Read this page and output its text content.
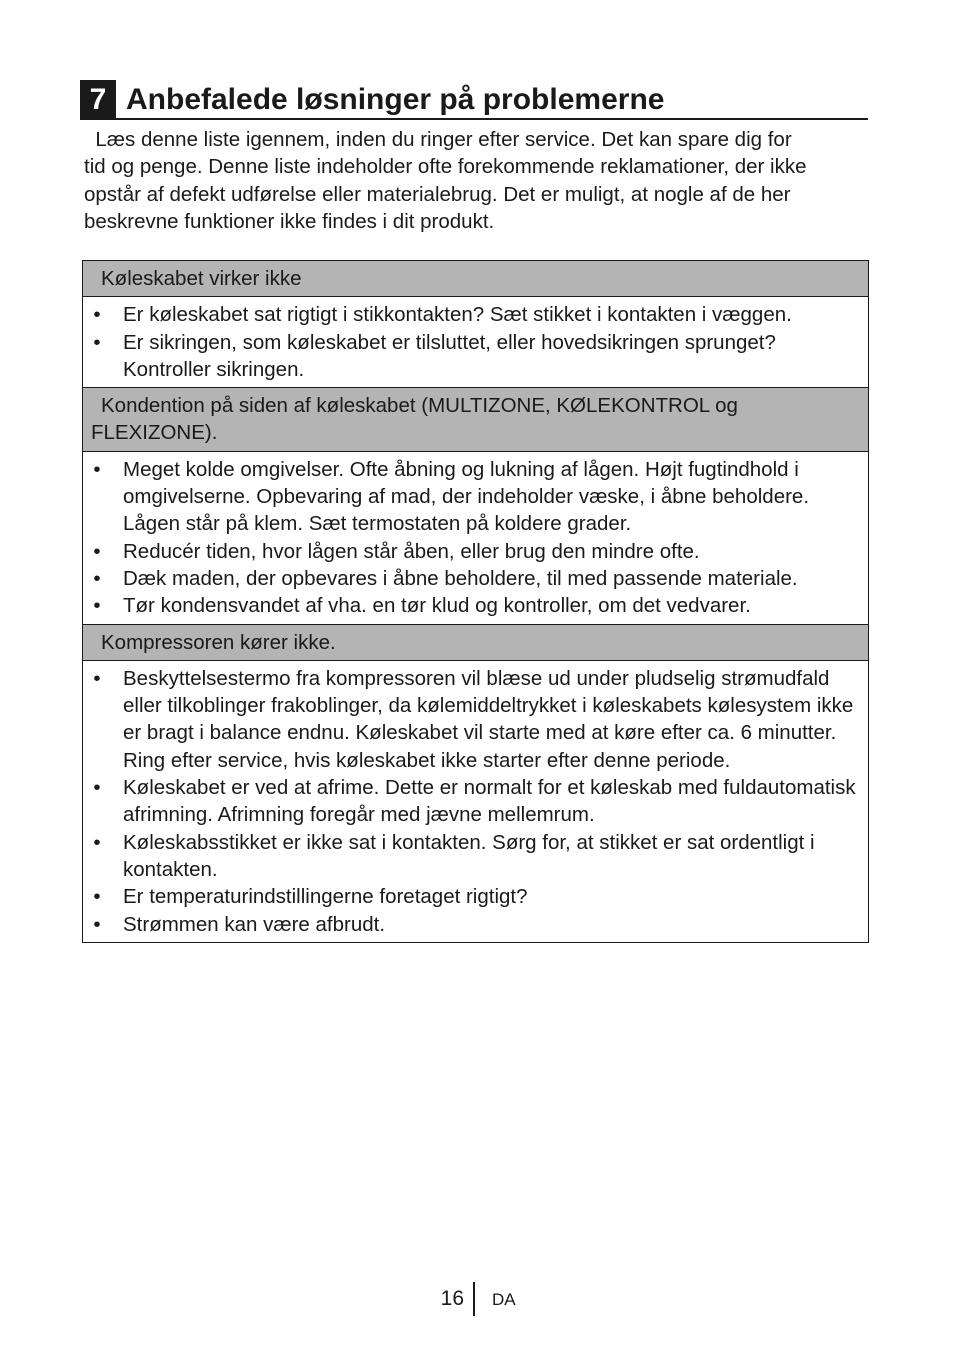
7 Anbefalede løsninger på problemerne

Læs denne liste igennem, inden du ringer efter service. Det kan spare dig for

tid og penge. Denne liste indeholder ofte forekommende reklamationer, der ikke

opstår af defekt udførelse eller materialebrug. Det er muligt, at nogle af de her

beskrevne funktioner ikke findes i dit produkt.

Køleskabet virker ikke
• Er køleskabet sat rigtigt i stikkontakten? Sæt stikket i kontakten i væggen.
• Er sikringen, som køleskabet er tilsluttet, eller hovedsikringen sprunget? Kontroller sikringen.
Kondention på siden af køleskabet (MULTIZONE, KØLEKONTROL og FLEXIZONE).
• Meget kolde omgivelser. Ofte åbning og lukning af lågen. Højt fugtindhold i omgivelserne. Opbevaring af mad, der indeholder væske, i åbne beholdere. Lågen står på klem. Sæt termostaten på koldere grader.
• Reducér tiden, hvor lågen står åben, eller brug den mindre ofte.
• Dæk maden, der opbevares i åbne beholdere, til med passende materiale.
• Tør kondensvandet af vha. en tør klud og kontroller, om det vedvarer.
Kompressoren kører ikke.
• Beskyttelsestermo fra kompressoren vil blæse ud under pludselig strømudfald eller tilkoblinger frakoblinger, da kølemiddeltrykket i køleskabets kølesystem ikke er bragt i balance endnu. Køleskabet vil starte med at køre efter ca. 6 minutter. Ring efter service, hvis køleskabet ikke starter efter denne periode.
• Køleskabet er ved at afrime. Dette er normalt for et køleskab med fuldautomatisk afrimning. Afrimning foregår med jævne mellemrum.
• Køleskabsstikket er ikke sat i kontakten. Sørg for, at stikket er sat ordentligt i kontakten.
• Er temperaturindstillingerne foretaget rigtigt?
• Strømmen kan være afbrudt.
16 DA
